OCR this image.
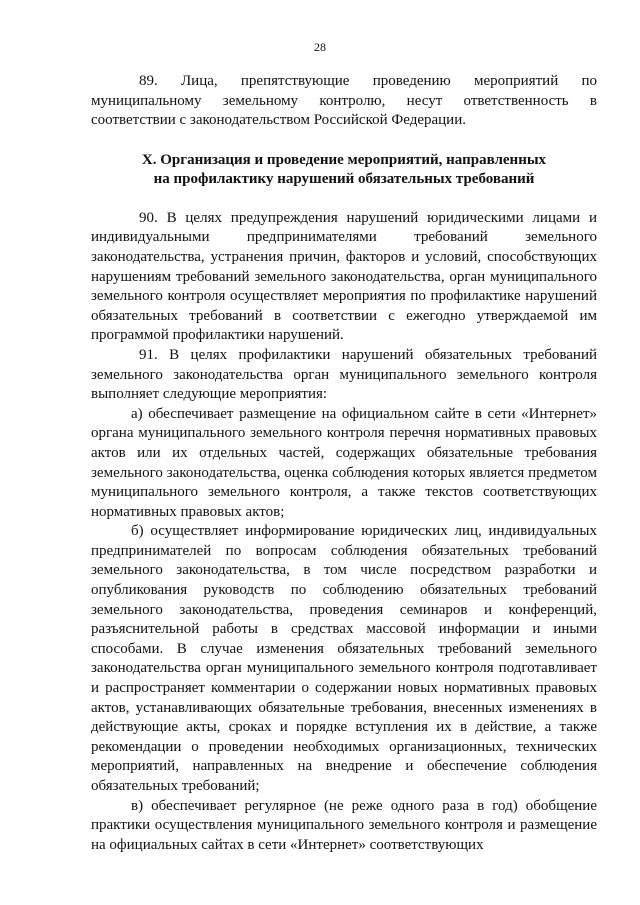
28

89. Лица, препятствующие проведению мероприятий по муниципальному земельному контролю, несут ответственность в соответствии с законодательством Российской Федерации.

X. Организация и проведение мероприятий, направленных
на профилактику нарушений обязательных требований

90. В целях предупреждения нарушений юридическими лицами и индивидуальными предпринимателями требований земельного законодательства, устранения причин, факторов и условий, способствующих нарушениям требований земельного законодательства, орган муниципального земельного контроля осуществляет мероприятия по профилактике нарушений обязательных требований в соответствии с ежегодно утверждаемой им программой профилактики нарушений.

91. В целях профилактики нарушений обязательных требований земельного законодательства орган муниципального земельного контроля выполняет следующие мероприятия:

а) обеспечивает размещение на официальном сайте в сети «Интернет» органа муниципального земельного контроля перечня нормативных правовых актов или их отдельных частей, содержащих обязательные требования земельного законодательства, оценка соблюдения которых является предметом муниципального земельного контроля, а также текстов соответствующих нормативных правовых актов;

б) осуществляет информирование юридических лиц, индивидуальных предпринимателей по вопросам соблюдения обязательных требований земельного законодательства, в том числе посредством разработки и опубликования руководств по соблюдению обязательных требований земельного законодательства, проведения семинаров и конференций, разъяснительной работы в средствах массовой информации и иными способами. В случае изменения обязательных требований земельного законодательства орган муниципального земельного контроля подготавливает и распространяет комментарии о содержании новых нормативных правовых актов, устанавливающих обязательные требования, внесенных изменениях в действующие акты, сроках и порядке вступления их в действие, а также рекомендации о проведении необходимых организационных, технических мероприятий, направленных на внедрение и обеспечение соблюдения обязательных требований;

в) обеспечивает регулярное (не реже одного раза в год) обобщение практики осуществления муниципального земельного контроля и размещение на официальных сайтах в сети «Интернет» соответствующих
